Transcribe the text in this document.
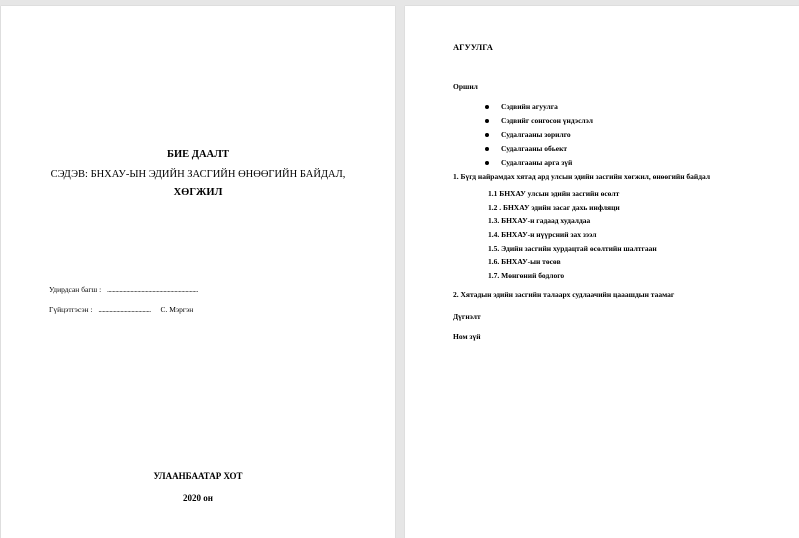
БИЕ ДААЛТ
СЭДЭВ: БНХАУ-ЫН ЭДИЙН ЗАСГИЙН ӨНӨӨГИЙН БАЙДАЛ,
ХӨГЖИЛ
Удирдсан багш : ..................................................................
Гүйцэтгэсэн : ...................................... С. Мэргэн
УЛААНБААТАР ХОТ
2020 он
АГУУЛГА
Оршил
Сэдвийн агуулга
Сэдвийг сонгосон үндэслэл
Судалгааны зорилго
Судалгааны обьект
Судалгааны арга зүй
1. Бүгд найрамдах хятад ард улсын эдийн засгийн хөгжил, өнөөгийн байдал
1.1 БНХАУ улсын эдийн засгийн өсөлт
1.2 . БНХАУ эдийн засаг дахь инфляци
1.3. БНХАУ-н гадаад худалдаа
1.4. БНХАУ-н нүүрсний зах зээл
1.5. Эдийн засгийн хурдацтай өсөлтийн шалтгаан
1.6. БНХАУ-ын төсөв
1.7. Мөнгөний бодлого
2. Хятадын эдийн засгийн талаарх судлаачийн цааашдын таамаг
Дүгнэлт
Ном зүй
